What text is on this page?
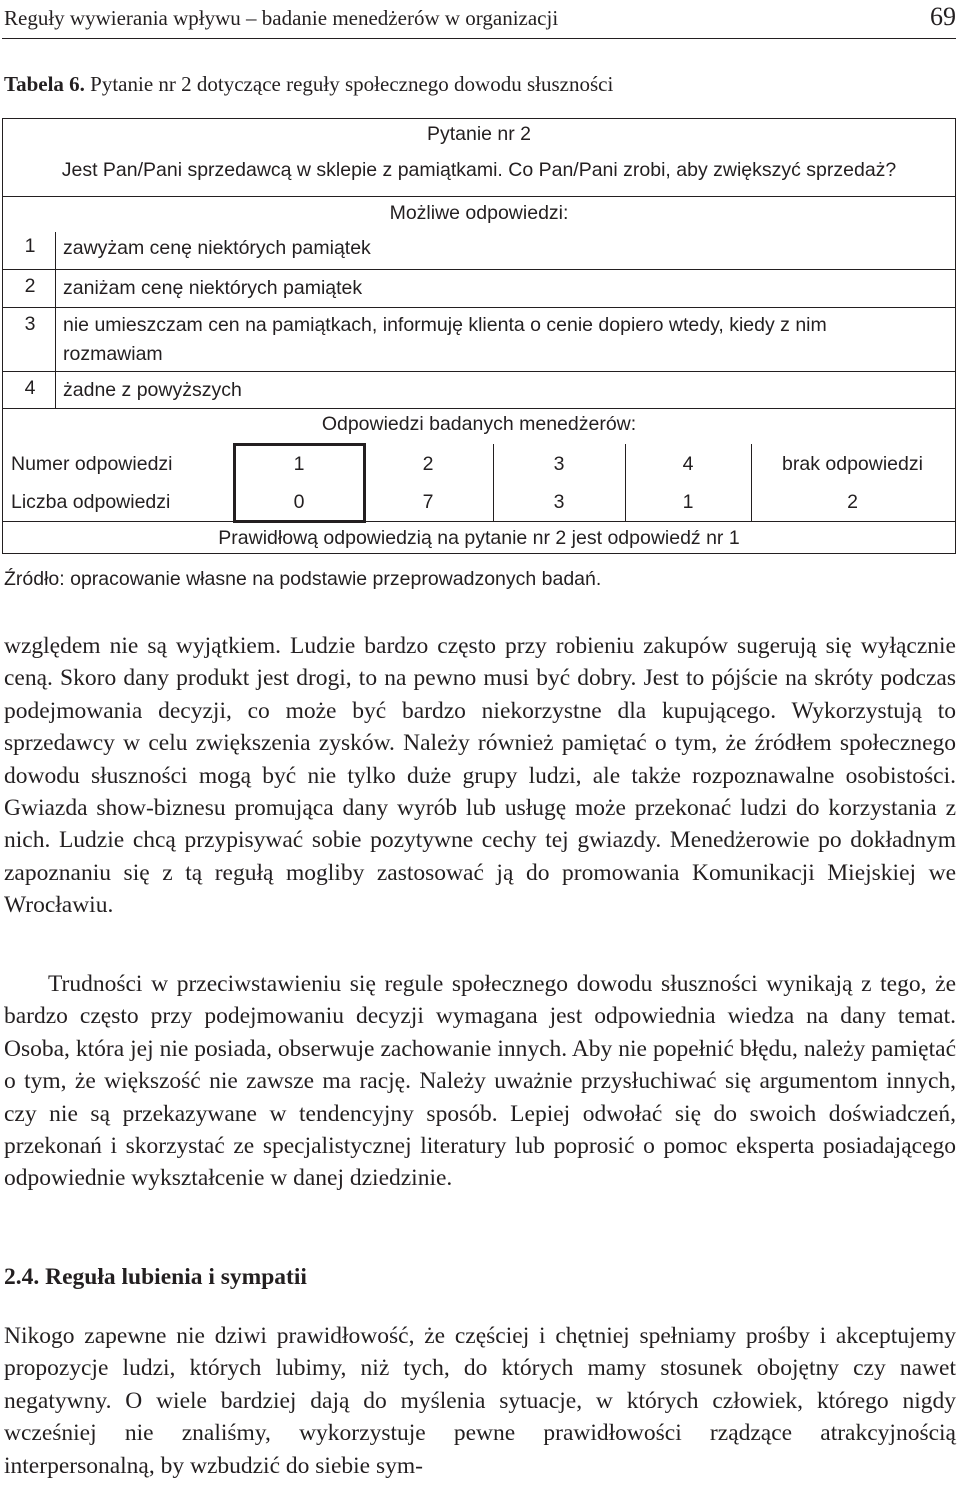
Reguły wywierania wpływu – badanie menedżerów w organizacji	69
Tabela 6. Pytanie nr 2 dotyczące reguły społecznego dowodu słuszności
Pytanie nr 2
Jest Pan/Pani sprzedawcą w sklepie z pamiątkami. Co Pan/Pani zrobi, aby zwiększyć sprzedaż?
Możliwe odpowiedzi:
1	zawyżam cenę niektórych pamiątek
2	zaniżam cenę niektórych pamiątek
3	nie umieszczam cen na pamiątkach, informuję klienta o cenie dopiero wtedy, kiedy z nim rozmawiam
4	żadne z powyższych
Odpowiedzi badanych menedżerów:
Numer odpowiedzi	1	2	3	4	brak odpowiedzi
Liczba odpowiedzi	0	7	3	1	2
Prawidłową odpowiedzią na pytanie nr 2 jest odpowiedź nr 1
Źródło: opracowanie własne na podstawie przeprowadzonych badań.
względem nie są wyjątkiem. Ludzie bardzo często przy robieniu zakupów sugerują się wyłącznie ceną. Skoro dany produkt jest drogi, to na pewno musi być dobry. Jest to pójście na skróty podczas podejmowania decyzji, co może być bardzo niekorzystne dla kupującego. Wykorzystują to sprzedawcy w celu zwiększenia zysków. Należy również pamiętać o tym, że źródłem społecznego dowodu słuszności mogą być nie tylko duże grupy ludzi, ale także rozpoznawalne osobistości. Gwiazda show-biznesu promująca dany wyrób lub usługę może przekonać ludzi do korzystania z nich. Ludzie chcą przypisywać sobie pozytywne cechy tej gwiazdy. Menedżerowie po dokładnym zapoznaniu się z tą regułą mogliby zastosować ją do promowania Komunikacji Miejskiej we Wrocławiu.
Trudności w przeciwstawieniu się regule społecznego dowodu słuszności wynikają z tego, że bardzo często przy podejmowaniu decyzji wymagana jest odpowiednia wiedza na dany temat. Osoba, która jej nie posiada, obserwuje zachowanie innych. Aby nie popełnić błędu, należy pamiętać o tym, że większość nie zawsze ma rację. Należy uważnie przysłuchiwać się argumentom innych, czy nie są przekazywane w tendencyjny sposób. Lepiej odwołać się do swoich doświadczeń, przekonań i skorzystać ze specjalistycznej literatury lub poprosić o pomoc eksperta posiadającego odpowiednie wykształcenie w danej dziedzinie.
2.4. Reguła lubienia i sympatii
Nikogo zapewne nie dziwi prawidłowość, że częściej i chętniej spełniamy prośby i akceptujemy propozycje ludzi, których lubimy, niż tych, do których mamy stosunek obojętny czy nawet negatywny. O wiele bardziej dają do myślenia sytuacje, w których człowiek, którego nigdy wcześniej nie znaliśmy, wykorzystuje pewne prawidłowości rządzące atrakcyjnością interpersonalną, by wzbudzić do siebie sym-
